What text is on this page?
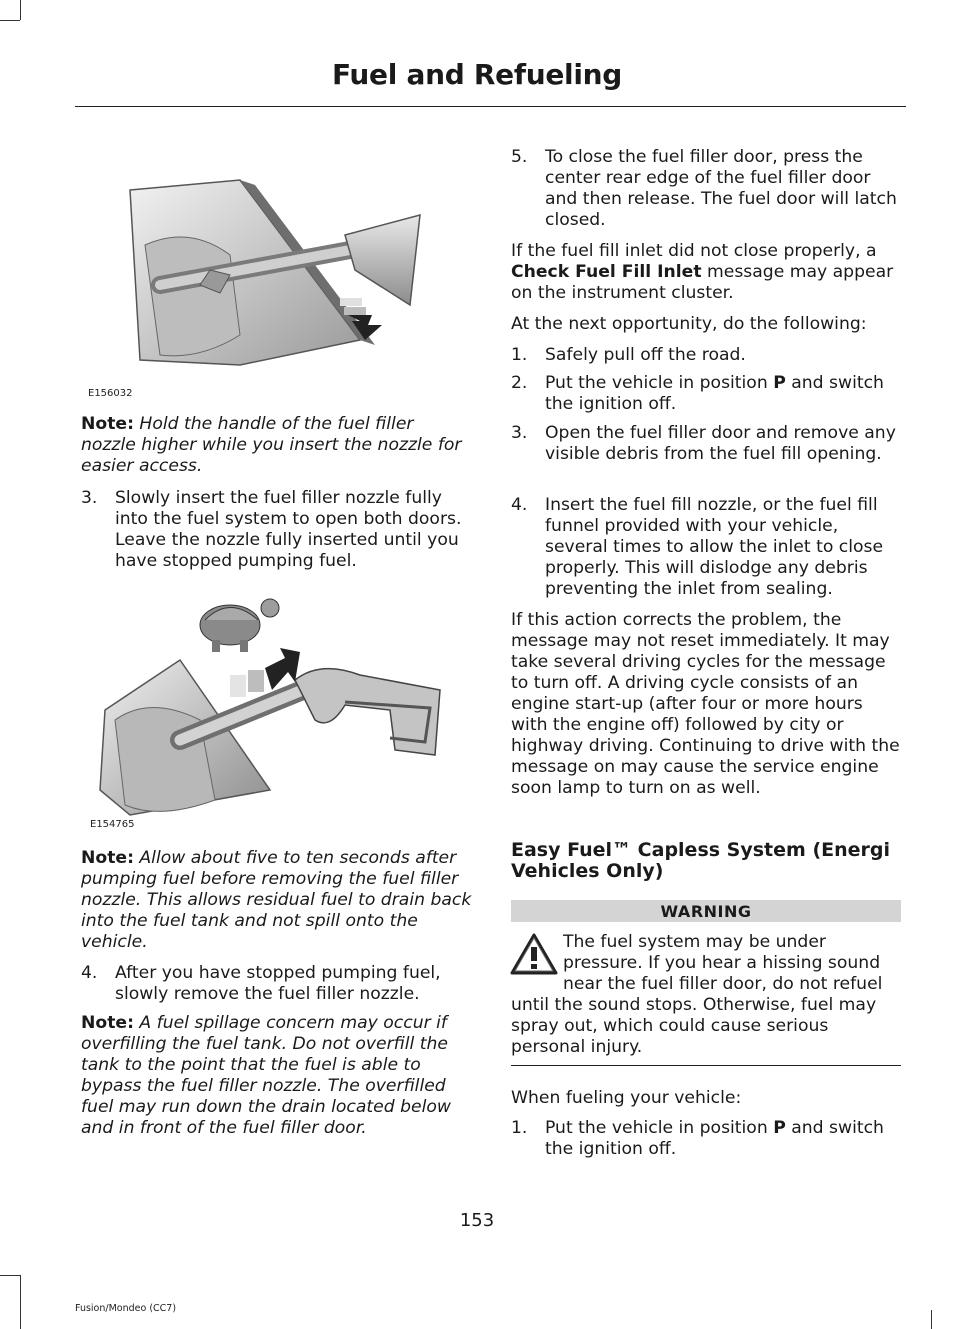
Fuel and Refueling
E156032

Note: Hold the handle of the fuel filler nozzle higher while you insert the nozzle for easier access.

3. Slowly insert the fuel filler nozzle fully into the fuel system to open both doors. Leave the nozzle fully inserted until you have stopped pumping fuel.
E154765

Note: Allow about five to ten seconds after pumping fuel before removing the fuel filler nozzle. This allows residual fuel to drain back into the fuel tank and not spill onto the vehicle.

4. After you have stopped pumping fuel, slowly remove the fuel filler nozzle.

Note: A fuel spillage concern may occur if overfilling the fuel tank. Do not overfill the tank to the point that the fuel is able to bypass the fuel filler nozzle. The overfilled fuel may run down the drain located below and in front of the fuel filler door.

5. To close the fuel filler door, press the center rear edge of the fuel filler door and then release. The fuel door will latch closed.

If the fuel fill inlet did not close properly, a Check Fuel Fill Inlet message may appear on the instrument cluster.

At the next opportunity, do the following:

1. Safely pull off the road.
2. Put the vehicle in position P and switch the ignition off.
3. Open the fuel filler door and remove any visible debris from the fuel fill opening.
4. Insert the fuel fill nozzle, or the fuel fill funnel provided with your vehicle, several times to allow the inlet to close properly. This will dislodge any debris preventing the inlet from sealing.

If this action corrects the problem, the message may not reset immediately. It may take several driving cycles for the message to turn off. A driving cycle consists of an engine start-up (after four or more hours with the engine off) followed by city or highway driving. Continuing to drive with the message on may cause the service engine soon lamp to turn on as well.

Easy Fuel™ Capless System (Energi Vehicles Only)
WARNING
The fuel system may be under pressure. If you hear a hissing sound near the fuel filler door, do not refuel until the sound stops. Otherwise, fuel may spray out, which could cause serious personal injury.

When fueling your vehicle:

1. Put the vehicle in position P and switch the ignition off.
153
Fusion/Mondeo (CC7)
